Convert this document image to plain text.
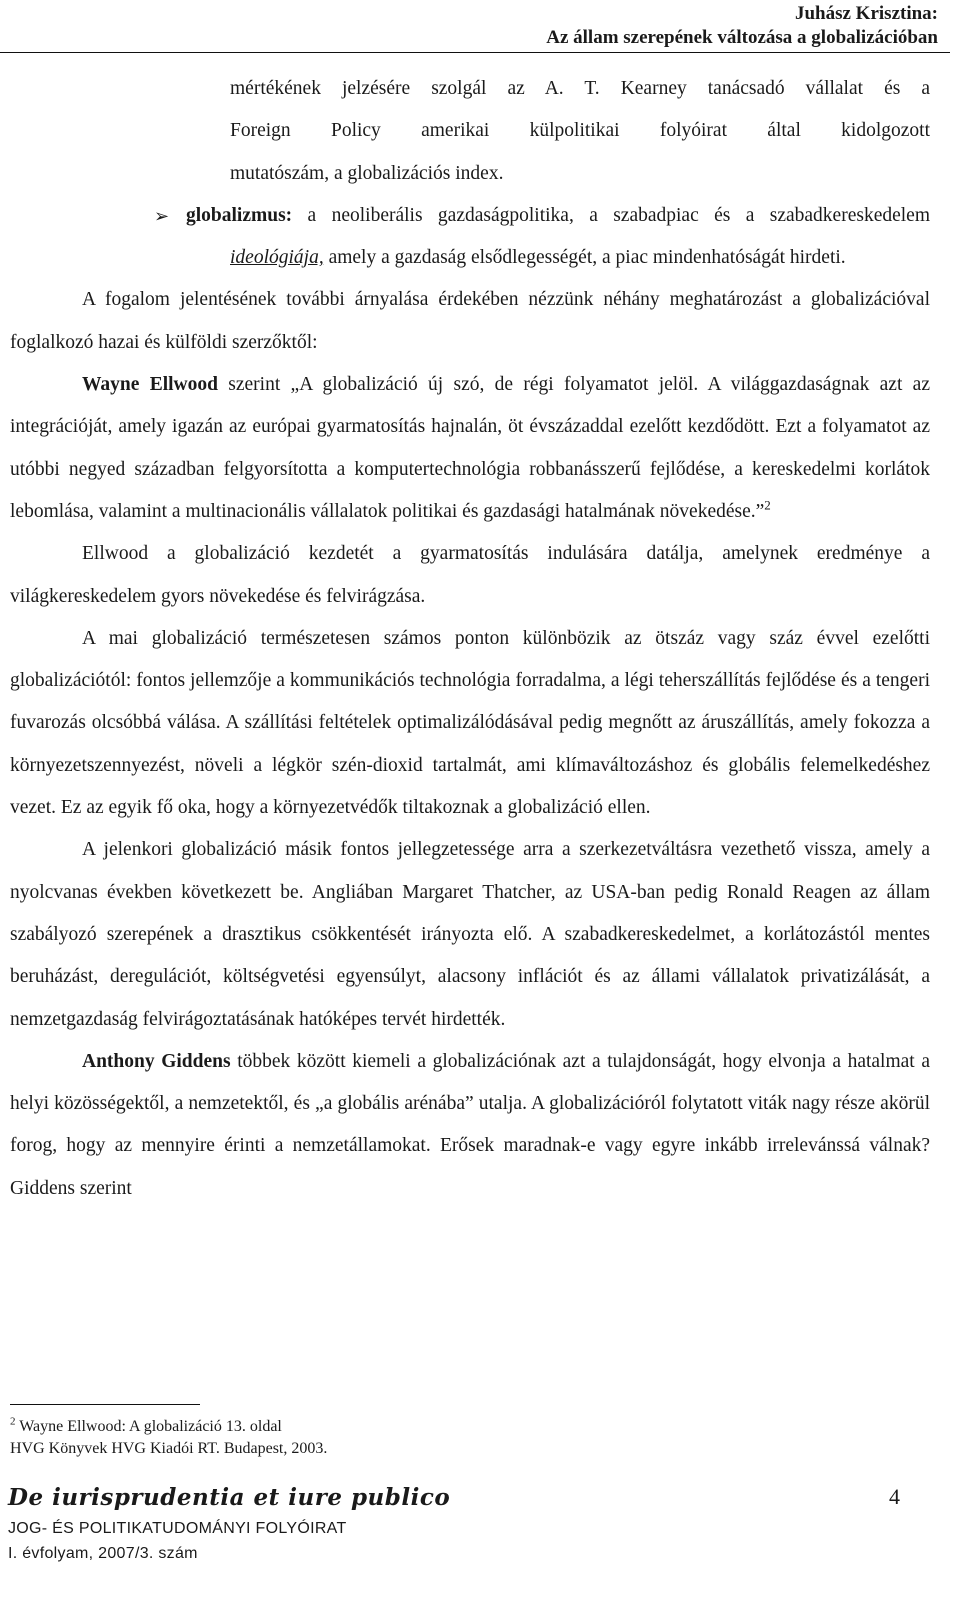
Juhász Krisztina:
Az állam szerepének változása a globalizációban

mértékének jelzésére szolgál az A. T. Kearney tanácsadó vállalat és a
Foreign Policy amerikai külpolitikai folyóirat által kidolgozott
mutatószám, a globalizációs index.

➢ globalizmus: a neoliberális gazdaságpolitika, a szabadpiac és a szabadkereskedelem ideológiája, amely a gazdaság elsődlegességét, a piac mindenhatóságát hirdeti.

A fogalom jelentésének további árnyalása érdekében nézzünk néhány meghatározást a globalizációval foglalkozó hazai és külföldi szerzőktől:

Wayne Ellwood szerint „A globalizáció új szó, de régi folyamatot jelöl. A világgazdaságnak azt az integrációját, amely igazán az európai gyarmatosítás hajnalán, öt évszázaddal ezelőtt kezdődött. Ezt a folyamatot az utóbbi negyed században felgyorsította a komputertechnológia robbanásszerű fejlődése, a kereskedelmi korlátok lebomlása, valamint a multinacionális vállalatok politikai és gazdasági hatalmának növekedése.”$^2$

Ellwood a globalizáció kezdetét a gyarmatosítás indulására datálja, amelynek eredménye a világkereskedelem gyors növekedése és felvirágzása.

A mai globalizáció természetesen számos ponton különbözik az ötszáz vagy száz évvel ezelőtti globalizációtól: fontos jellemzője a kommunikációs technológia forradalma, a légi teherszállítás fejlődése és a tengeri fuvarozás olcsóbbá válása. A szállítási feltételek optimalizálódásával pedig megnőtt az áruszállítás, amely fokozza a környezetszennyezést, növeli a légkör szén-dioxid tartalmát, ami klímaváltozáshoz és globális felemelkedéshez vezet. Ez az egyik fő oka, hogy a környezetvédők tiltakoznak a globalizáció ellen.

A jelenkori globalizáció másik fontos jellegzetessége arra a szerkezetváltásra vezethető vissza, amely a nyolcvanas években következett be. Angliában Margaret Thatcher, az USA-ban pedig Ronald Reagen az állam szabályozó szerepének a drasztikus csökkentését irányozta elő. A szabadkereskedelmet, a korlátozástól mentes beruházást, deregulációt, költségvetési egyensúlyt, alacsony inflációt és az állami vállalatok privatizálását, a nemzetgazdaság felvirágoztatásának hatóképes tervét hirdették.

Anthony Giddens többek között kiemeli a globalizációnak azt a tulajdonságát, hogy elvonja a hatalmat a helyi közösségektől, a nemzetektől, és „a globális arénába” utalja. A globalizációról folytatott viták nagy része akörül forog, hogy az mennyire érinti a nemzetállamokat. Erősek maradnak-e vagy egyre inkább irrelevánssá válnak? Giddens szerint

$^2$ Wayne Ellwood: A globalizáció 13. oldal
HVG Könyvek HVG Kiadói RT. Budapest, 2003.
De iurisprudentia et iure publico	4
JOG- ÉS POLITIKATUDOMÁNYI FOLYÓIRAT
I. évfolyam, 2007/3. szám
